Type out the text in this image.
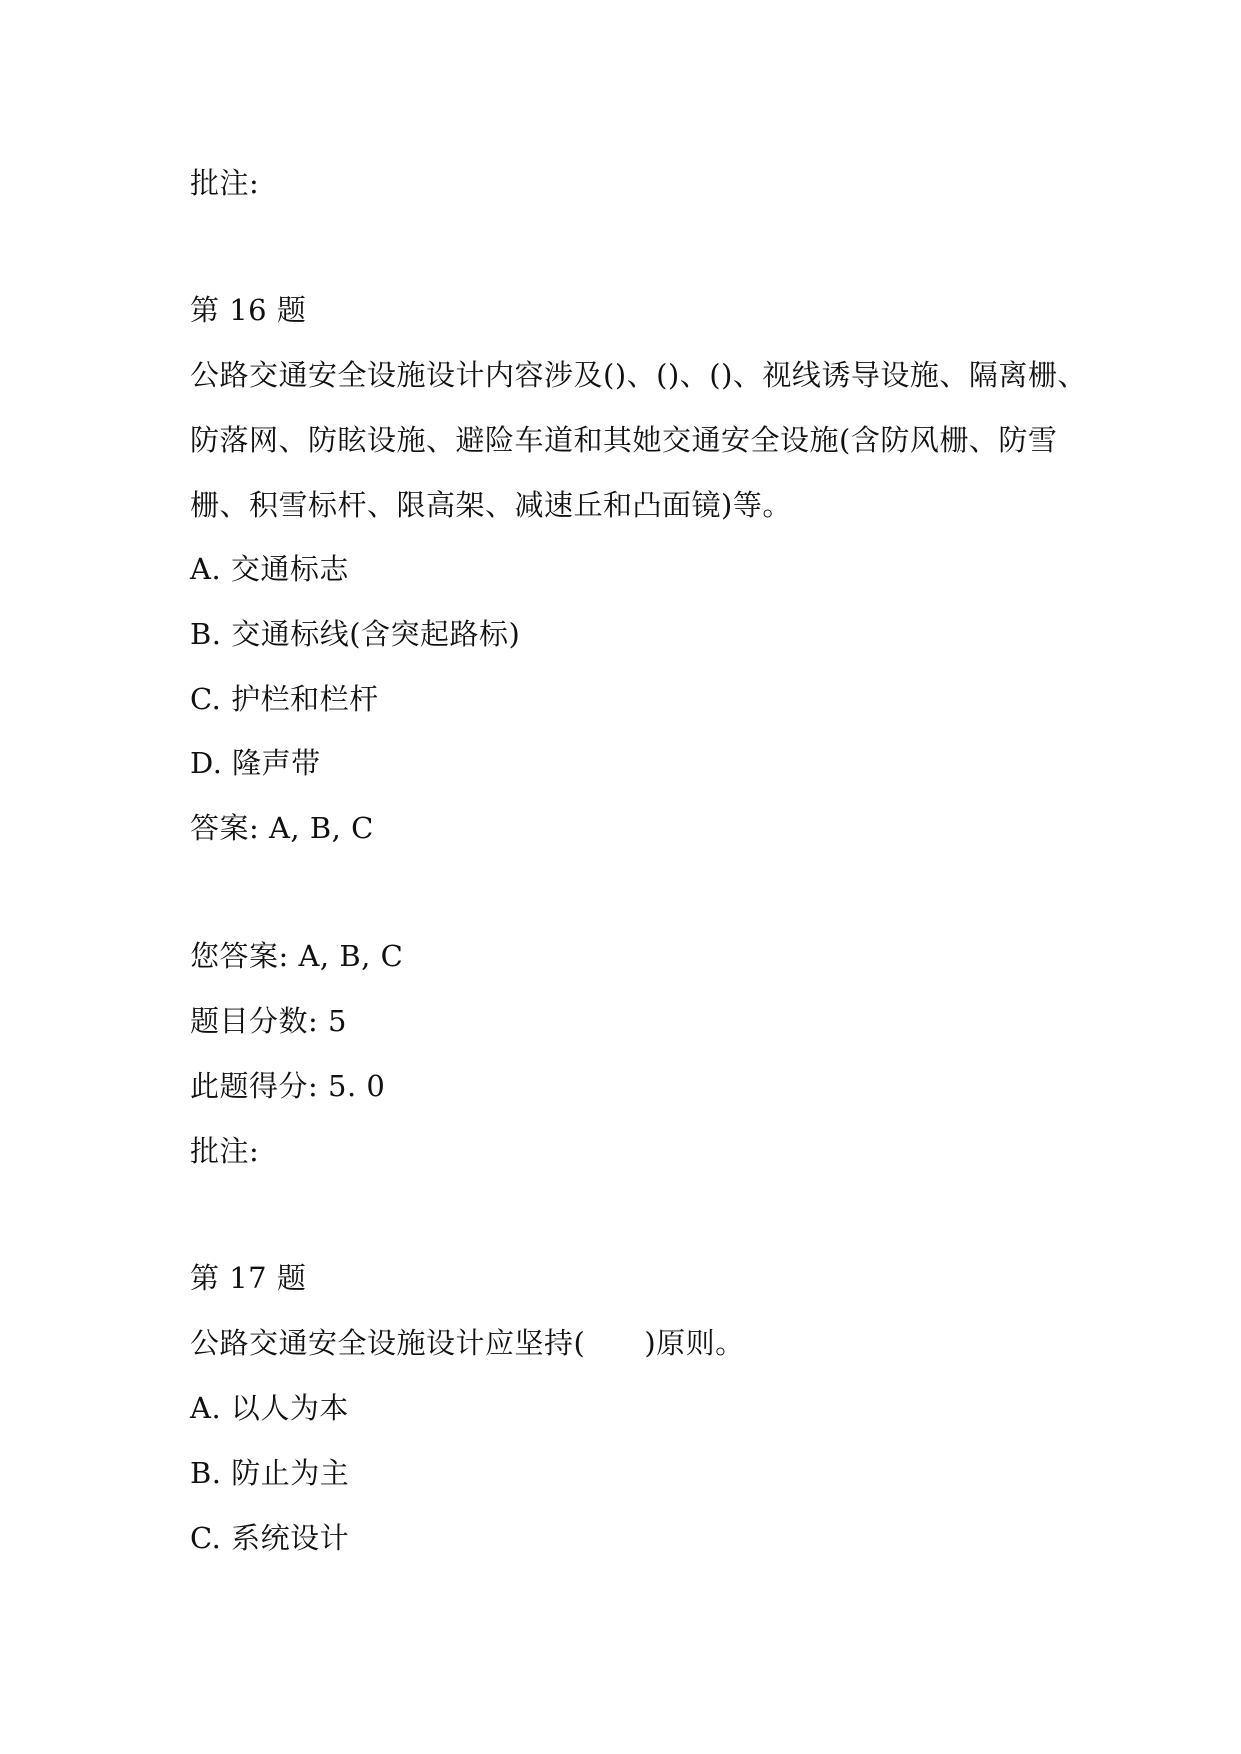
批注:
第 16 题
公路交通安全设施设计内容涉及()、()、()、视线诱导设施、隔离栅、
防落网、防眩设施、避险车道和其她交通安全设施(含防风栅、防雪
栅、积雪标杆、限高架、减速丘和凸面镜)等。
A. 交通标志
B. 交通标线(含突起路标)
C. 护栏和栏杆
D. 隆声带
答案: A, B, C
您答案: A, B, C
题目分数: 5
此题得分: 5. 0
批注:
第 17 题
公路交通安全设施设计应坚持(　　)原则。
A. 以人为本
B. 防止为主
C. 系统设计
